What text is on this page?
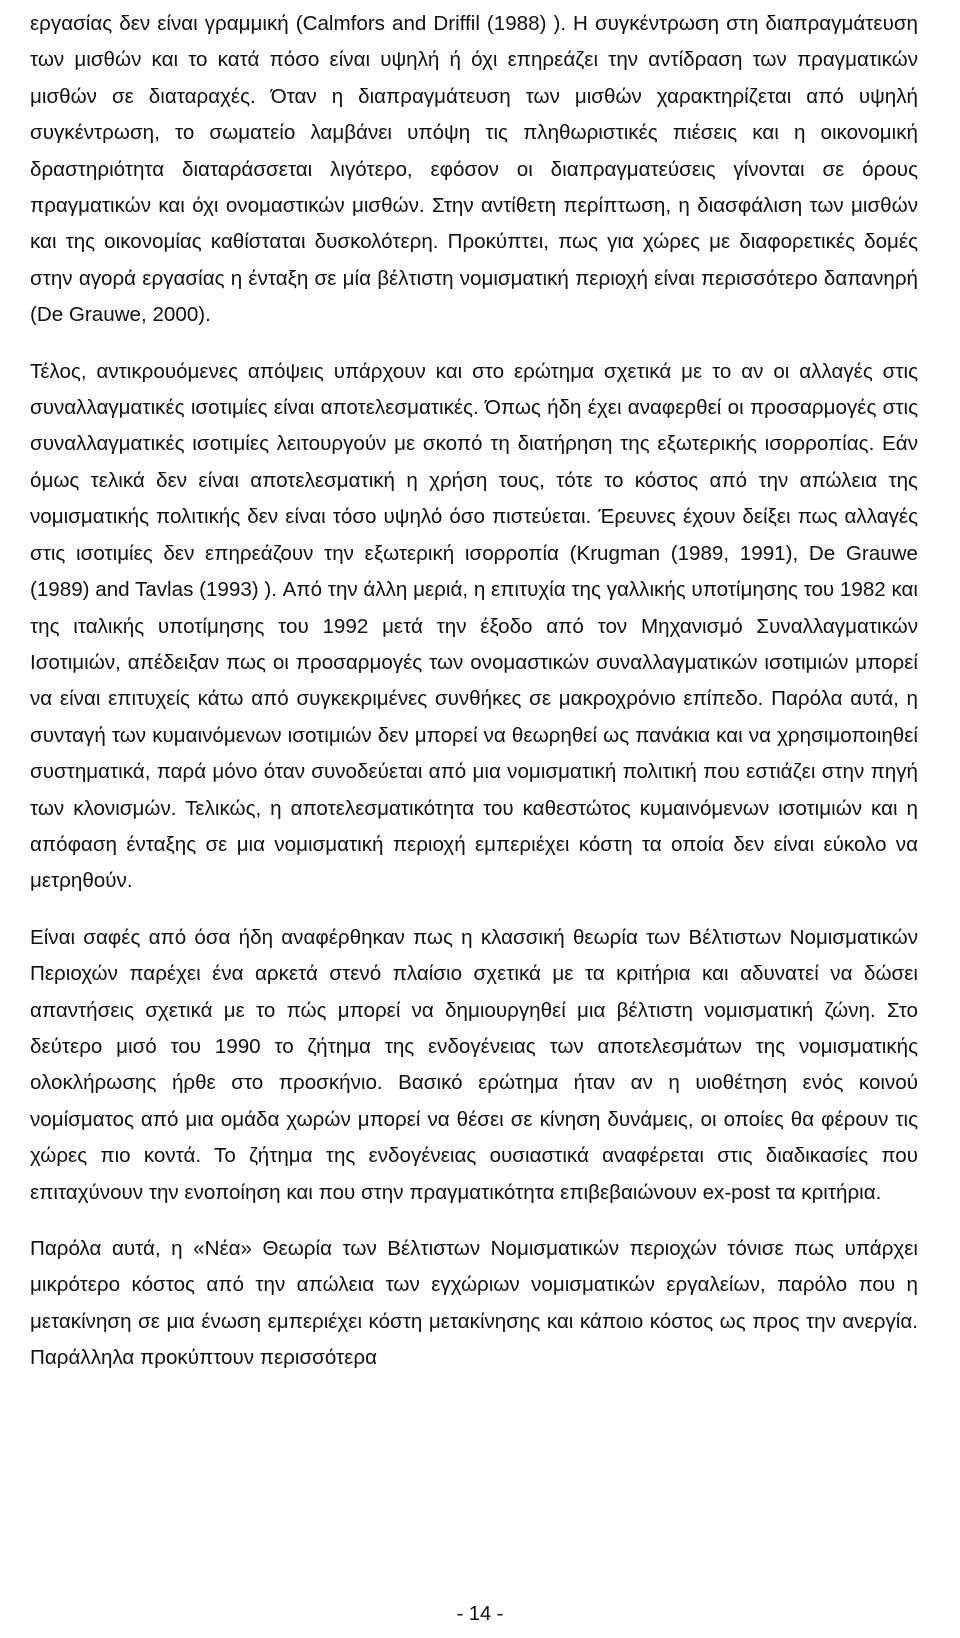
εργασίας δεν είναι γραμμική (Calmfors and Driffil (1988) ). Η συγκέντρωση στη διαπραγμάτευση των μισθών και το κατά πόσο είναι υψηλή ή όχι επηρεάζει την αντίδραση των πραγματικών μισθών σε διαταραχές. Όταν η διαπραγμάτευση των μισθών χαρακτηρίζεται από υψηλή συγκέντρωση, το σωματείο λαμβάνει υπόψη τις πληθωριστικές πιέσεις και η οικονομική δραστηριότητα διαταράσσεται λιγότερο, εφόσον οι διαπραγματεύσεις γίνονται σε όρους πραγματικών και όχι ονομαστικών μισθών. Στην αντίθετη περίπτωση, η διασφάλιση των μισθών και της οικονομίας καθίσταται δυσκολότερη. Προκύπτει, πως για χώρες με διαφορετικές δομές στην αγορά εργασίας η ένταξη σε μία βέλτιστη νομισματική περιοχή είναι περισσότερο δαπανηρή (De Grauwe, 2000).

Τέλος, αντικρουόμενες απόψεις υπάρχουν και στο ερώτημα σχετικά με το αν οι αλλαγές στις συναλλαγματικές ισοτιμίες είναι αποτελεσματικές. Όπως ήδη έχει αναφερθεί οι προσαρμογές στις συναλλαγματικές ισοτιμίες λειτουργούν με σκοπό τη διατήρηση της εξωτερικής ισορροπίας. Εάν όμως τελικά δεν είναι αποτελεσματική η χρήση τους, τότε το κόστος από την απώλεια της νομισματικής πολιτικής δεν είναι τόσο υψηλό όσο πιστεύεται. Έρευνες έχουν δείξει πως αλλαγές στις ισοτιμίες δεν επηρεάζουν την εξωτερική ισορροπία (Krugman (1989, 1991), De Grauwe (1989) and Tavlas (1993) ). Από την άλλη μεριά, η επιτυχία της γαλλικής υποτίμησης του 1982 και της ιταλικής υποτίμησης του 1992 μετά την έξοδο από τον Μηχανισμό Συναλλαγματικών Ισοτιμιών, απέδειξαν πως οι προσαρμογές των ονομαστικών συναλλαγματικών ισοτιμιών μπορεί να είναι επιτυχείς κάτω από συγκεκριμένες συνθήκες σε μακροχρόνιο επίπεδο. Παρόλα αυτά, η συνταγή των κυμαινόμενων ισοτιμιών δεν μπορεί να θεωρηθεί ως πανάκια και να χρησιμοποιηθεί συστηματικά, παρά μόνο όταν συνοδεύεται από μια νομισματική πολιτική που εστιάζει στην πηγή των κλονισμών. Τελικώς, η αποτελεσματικότητα του καθεστώτος κυμαινόμενων ισοτιμιών και η απόφαση ένταξης σε μια νομισματική περιοχή εμπεριέχει κόστη τα οποία δεν είναι εύκολο να μετρηθούν.

Είναι σαφές από όσα ήδη αναφέρθηκαν πως η κλασσική θεωρία των Βέλτιστων Νομισματικών Περιοχών παρέχει ένα αρκετά στενό πλαίσιο σχετικά με τα κριτήρια και αδυνατεί να δώσει απαντήσεις σχετικά με το πώς μπορεί να δημιουργηθεί μια βέλτιστη νομισματική ζώνη. Στο δεύτερο μισό του 1990 το ζήτημα της ενδογένειας των αποτελεσμάτων της νομισματικής ολοκλήρωσης ήρθε στο προσκήνιο. Βασικό ερώτημα ήταν αν η υιοθέτηση ενός κοινού νομίσματος από μια ομάδα χωρών μπορεί να θέσει σε κίνηση δυνάμεις, οι οποίες θα φέρουν τις χώρες πιο κοντά. Το ζήτημα της ενδογένειας ουσιαστικά αναφέρεται στις διαδικασίες που επιταχύνουν την ενοποίηση και που στην πραγματικότητα επιβεβαιώνουν ex-post τα κριτήρια.

Παρόλα αυτά, η «Νέα» Θεωρία των Βέλτιστων Νομισματικών περιοχών τόνισε πως υπάρχει μικρότερο κόστος από την απώλεια των εγχώριων νομισματικών εργαλείων, παρόλο που η μετακίνηση σε μια ένωση εμπεριέχει κόστη μετακίνησης και κάποιο κόστος ως προς την ανεργία. Παράλληλα προκύπτουν περισσότερα

- 14 -
